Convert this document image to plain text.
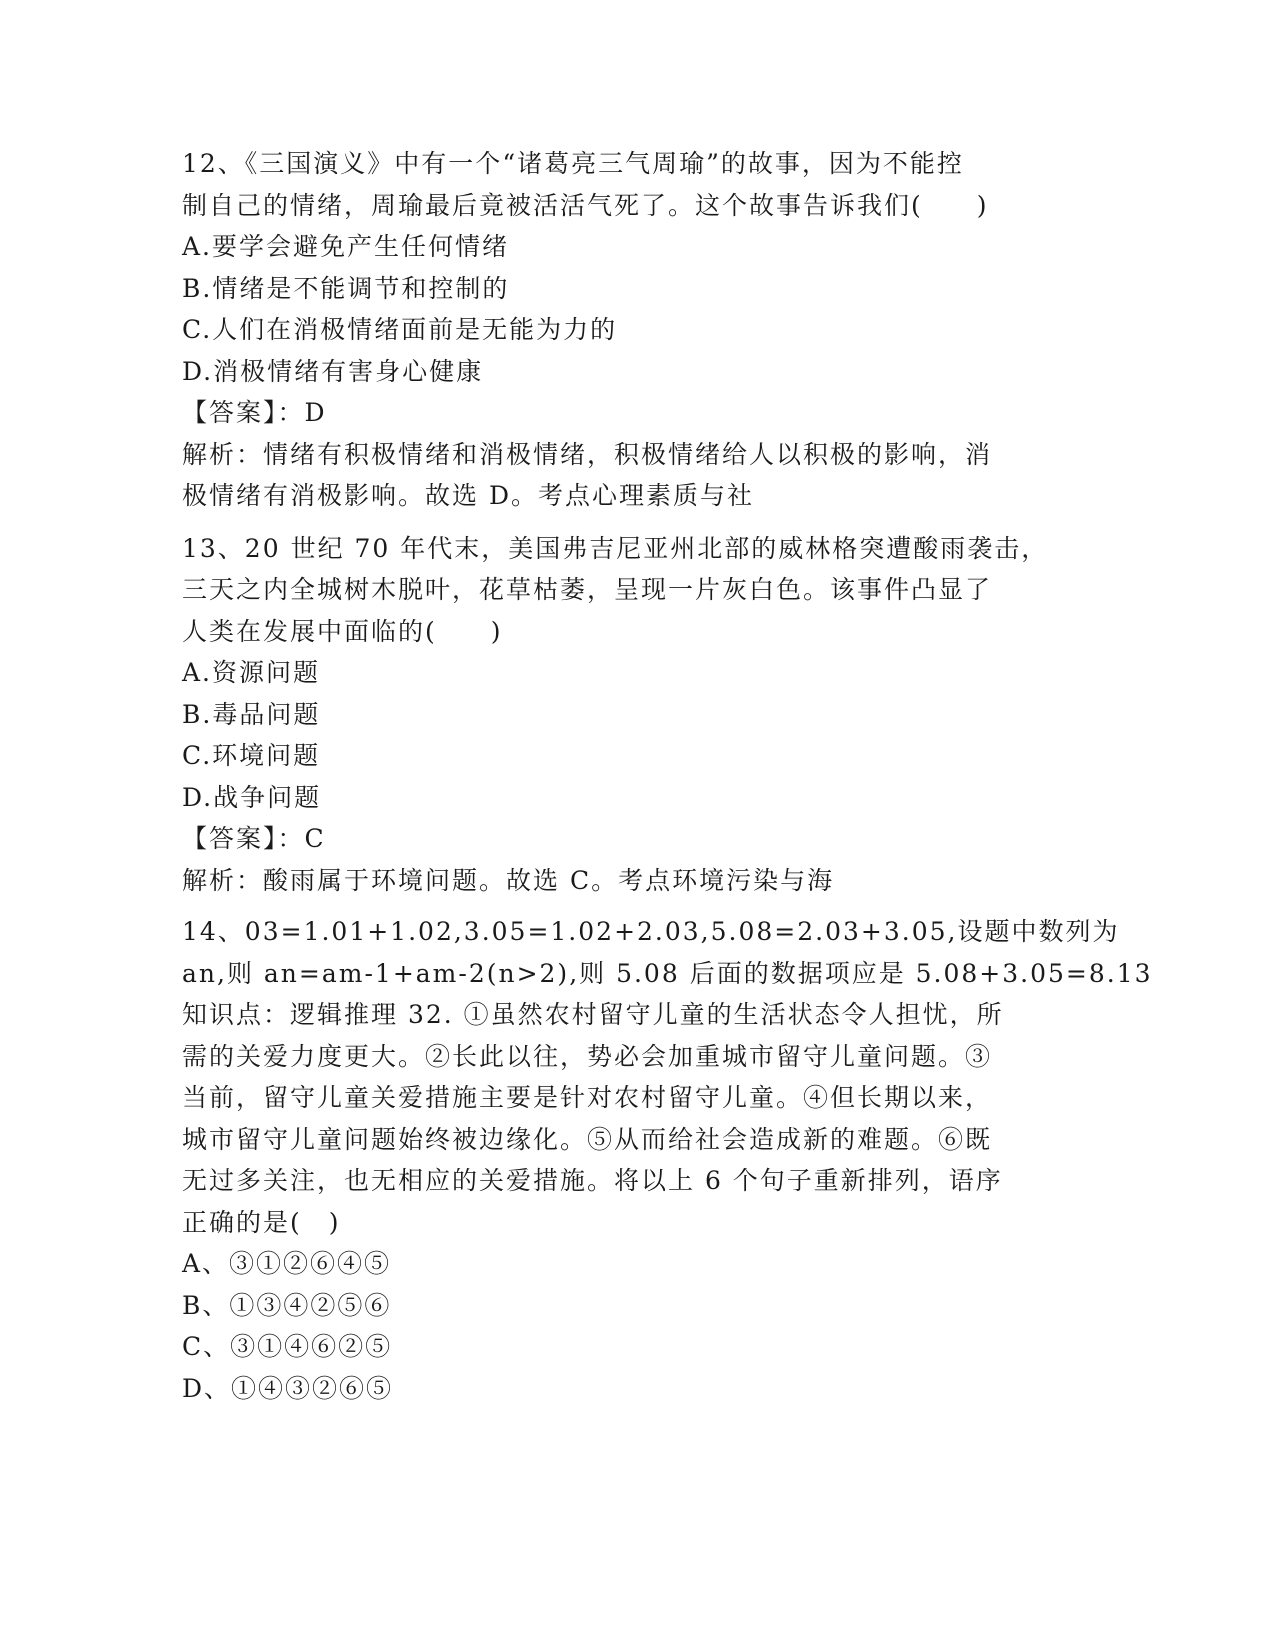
12、《三国演义》中有一个“诸葛亮三气周瑜”的故事，因为不能控
制自己的情绪，周瑜最后竟被活活气死了。这个故事告诉我们(　　)
A.要学会避免产生任何情绪
B.情绪是不能调节和控制的
C.人们在消极情绪面前是无能为力的
D.消极情绪有害身心健康
【答案】：D
解析：情绪有积极情绪和消极情绪，积极情绪给人以积极的影响，消
极情绪有消极影响。故选 D。考点心理素质与社
13、20 世纪 70 年代末，美国弗吉尼亚州北部的威林格突遭酸雨袭击，
三天之内全城树木脱叶，花草枯萎，呈现一片灰白色。该事件凸显了
人类在发展中面临的(　　)
A.资源问题
B.毒品问题
C.环境问题
D.战争问题
【答案】：C
解析：酸雨属于环境问题。故选 C。考点环境污染与海
14、03=1.01+1.02,3.05=1.02+2.03,5.08=2.03+3.05,设题中数列为
an,则 an=am-1+am-2(n>2),则 5.08 后面的数据项应是 5.08+3.05=8.13
知识点：逻辑推理 32. ①虽然农村留守儿童的生活状态令人担忧，所
需的关爱力度更大。②长此以往，势必会加重城市留守儿童问题。③
当前，留守儿童关爱措施主要是针对农村留守儿童。④但长期以来，
城市留守儿童问题始终被边缘化。⑤从而给社会造成新的难题。⑥既
无过多关注，也无相应的关爱措施。将以上 6 个句子重新排列，语序
正确的是(　)
A、③①②⑥④⑤
B、①③④②⑤⑥
C、③①④⑥②⑤
D、①④③②⑥⑤
